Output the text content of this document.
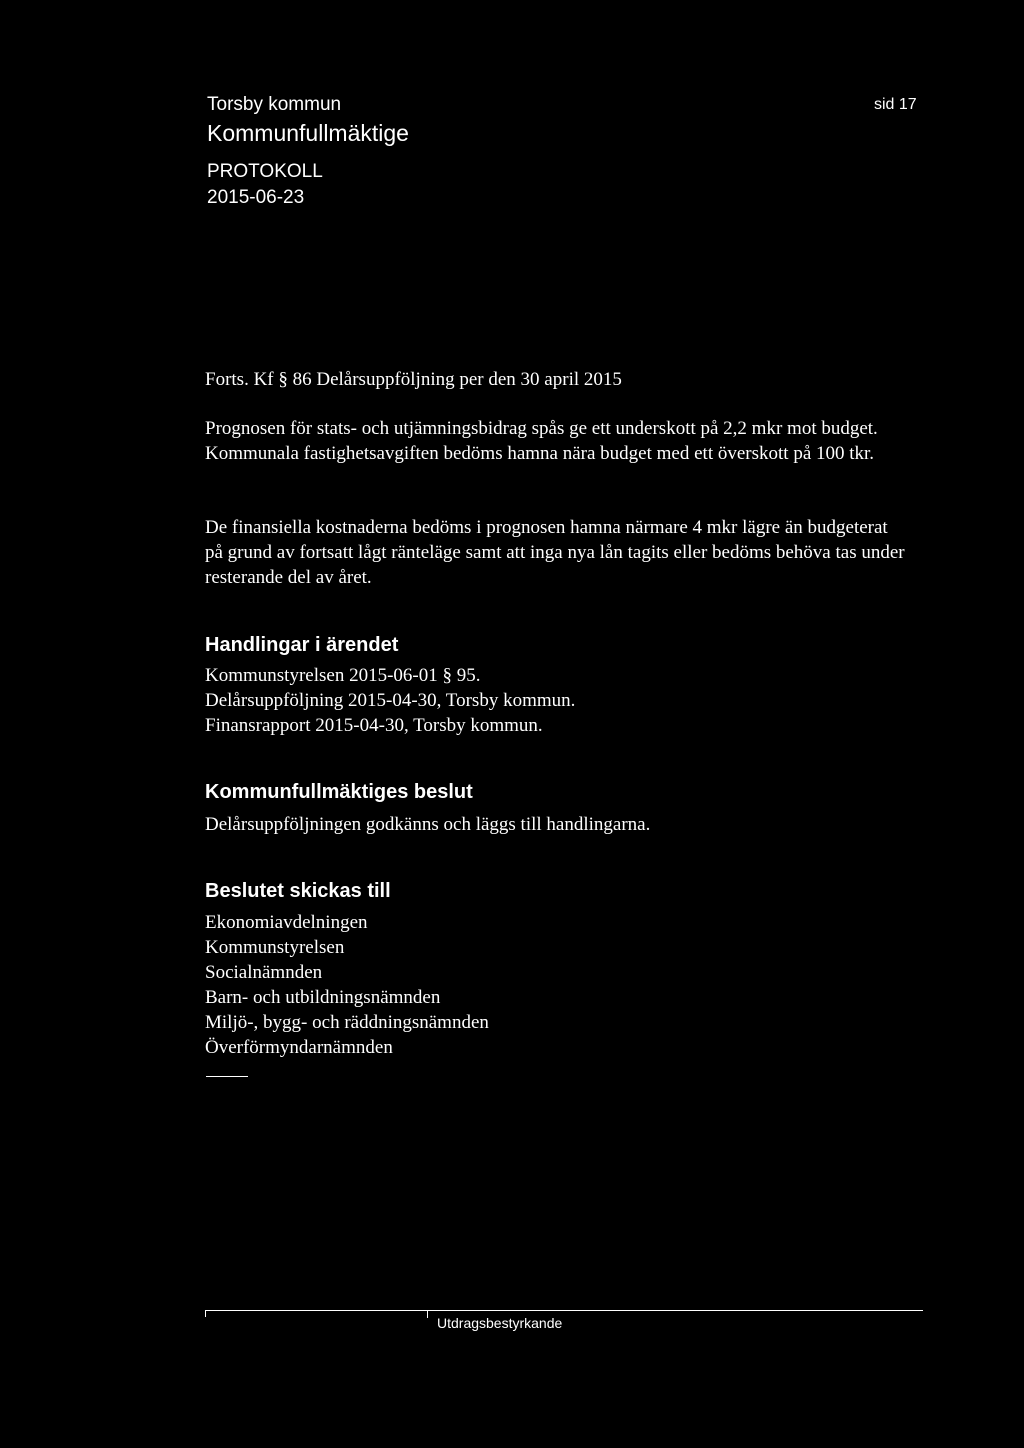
Torsby kommun
Kommunfullmäktige
PROTOKOLL
2015-06-23
sid 17
Forts. Kf § 86 Delårsuppföljning per den 30 april 2015

Prognosen för stats- och utjämningsbidrag spås ge ett underskott på 2,2 mkr mot budget. Kommunala fastighetsavgiften bedöms hamna nära budget med ett överskott på 100 tkr.

De finansiella kostnaderna bedöms i prognosen hamna närmare 4 mkr lägre än budgeterat på grund av fortsatt lågt ränteläge samt att inga nya lån tagits eller bedöms behöva tas under resterande del av året.

Handlingar i ärendet
Kommunstyrelsen 2015-06-01 § 95.
Delårsuppföljning 2015-04-30, Torsby kommun.
Finansrapport 2015-04-30, Torsby kommun.
Kommunfullmäktiges beslut

Delårsuppföljningen godkänns och läggs till handlingarna.

Beslutet skickas till
Ekonomiavdelningen
Kommunstyrelsen
Socialnämnden
Barn- och utbildningsnämnden
Miljö-, bygg- och räddningsnämnden
Överförmyndarnämnden
Utdragsbestyrkande
